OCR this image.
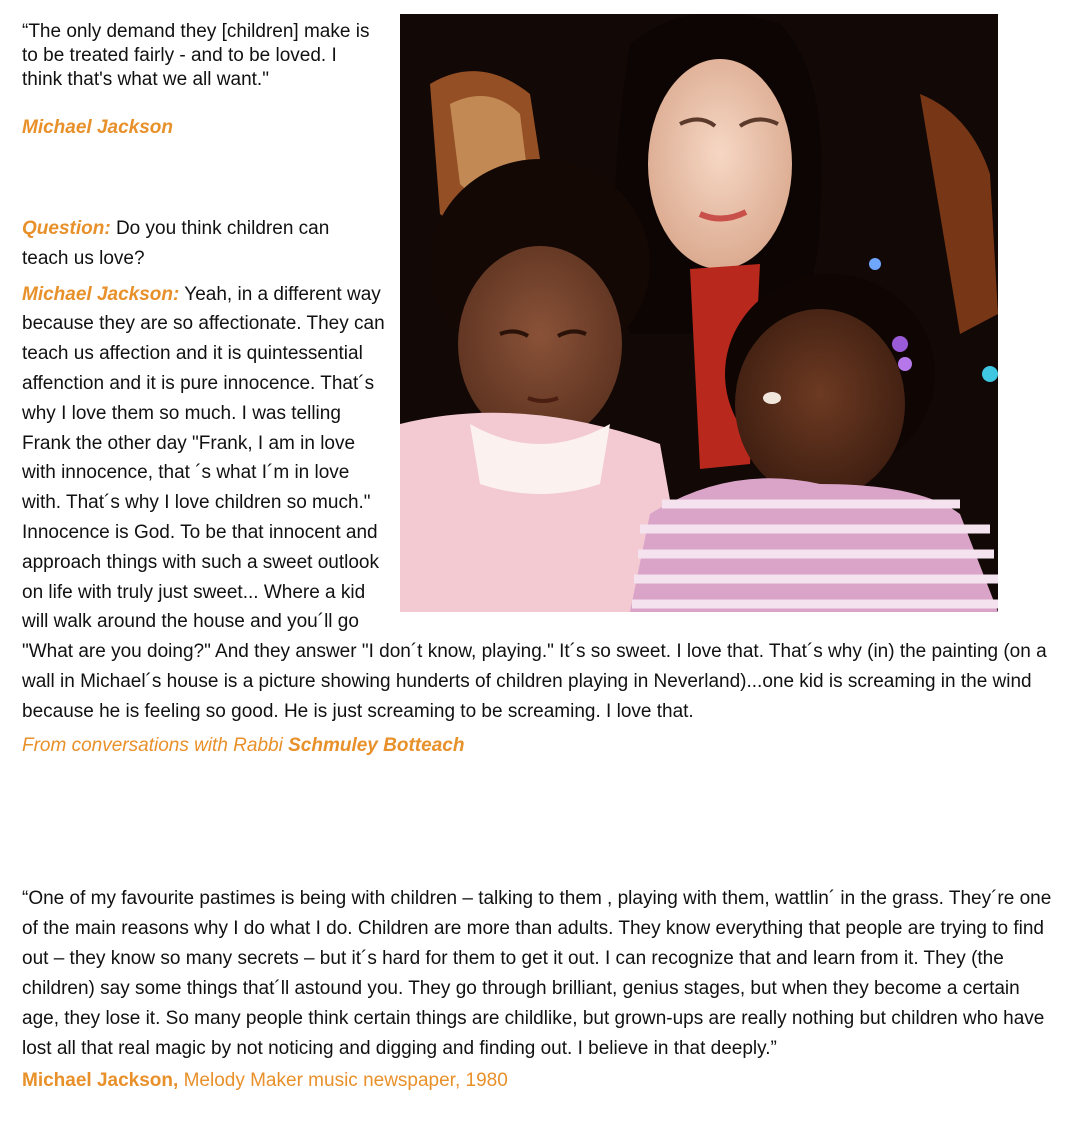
“The only demand they [children] make is to be treated fairly - and to be loved. I think that's what we all want."

Michael Jackson

Question: Do you think children can teach us love?

Michael Jackson: Yeah, in a different way because they are so affectionate. They can teach us affection and it is quintessential affenction and it is pure innocence. That´s why I love them so much. I was telling Frank the other day "Frank, I am in love with innocence, that ´s what I´m in love with. That´s why I love children so much." Innocence is God. To be that innocent and approach things with such a sweet outlook on life with truly just sweet... Where a kid will walk around the house and you´ll go "What are you doing?" And they answer "I don´t know, playing." It´s so sweet. I love that. That´s why (in) the painting (on a wall in Michael´s house is a picture showing hunderts of children playing in Neverland)...one kid is screaming in the wind because he is feeling so good. He is just screaming to be screaming. I love that.

From conversations with Rabbi Schmuley Botteach

“One of my favourite pastimes is being with children – talking to them , playing with them, wattlin´ in the grass. They´re one of the main reasons why I do what I do. Children are more than adults. They know everything that people are trying to find out – they know so many secrets – but it´s hard for them to get it out. I can recognize that and learn from it. They (the children) say some things that´ll astound you. They go through brilliant, genius stages, but when they become a certain age, they lose it. So many people think certain things are childlike, but grown-ups are really nothing but children who have lost all that real magic by not noticing and digging and finding out. I believe in that deeply.”

Michael Jackson, Melody Maker music newspaper, 1980
